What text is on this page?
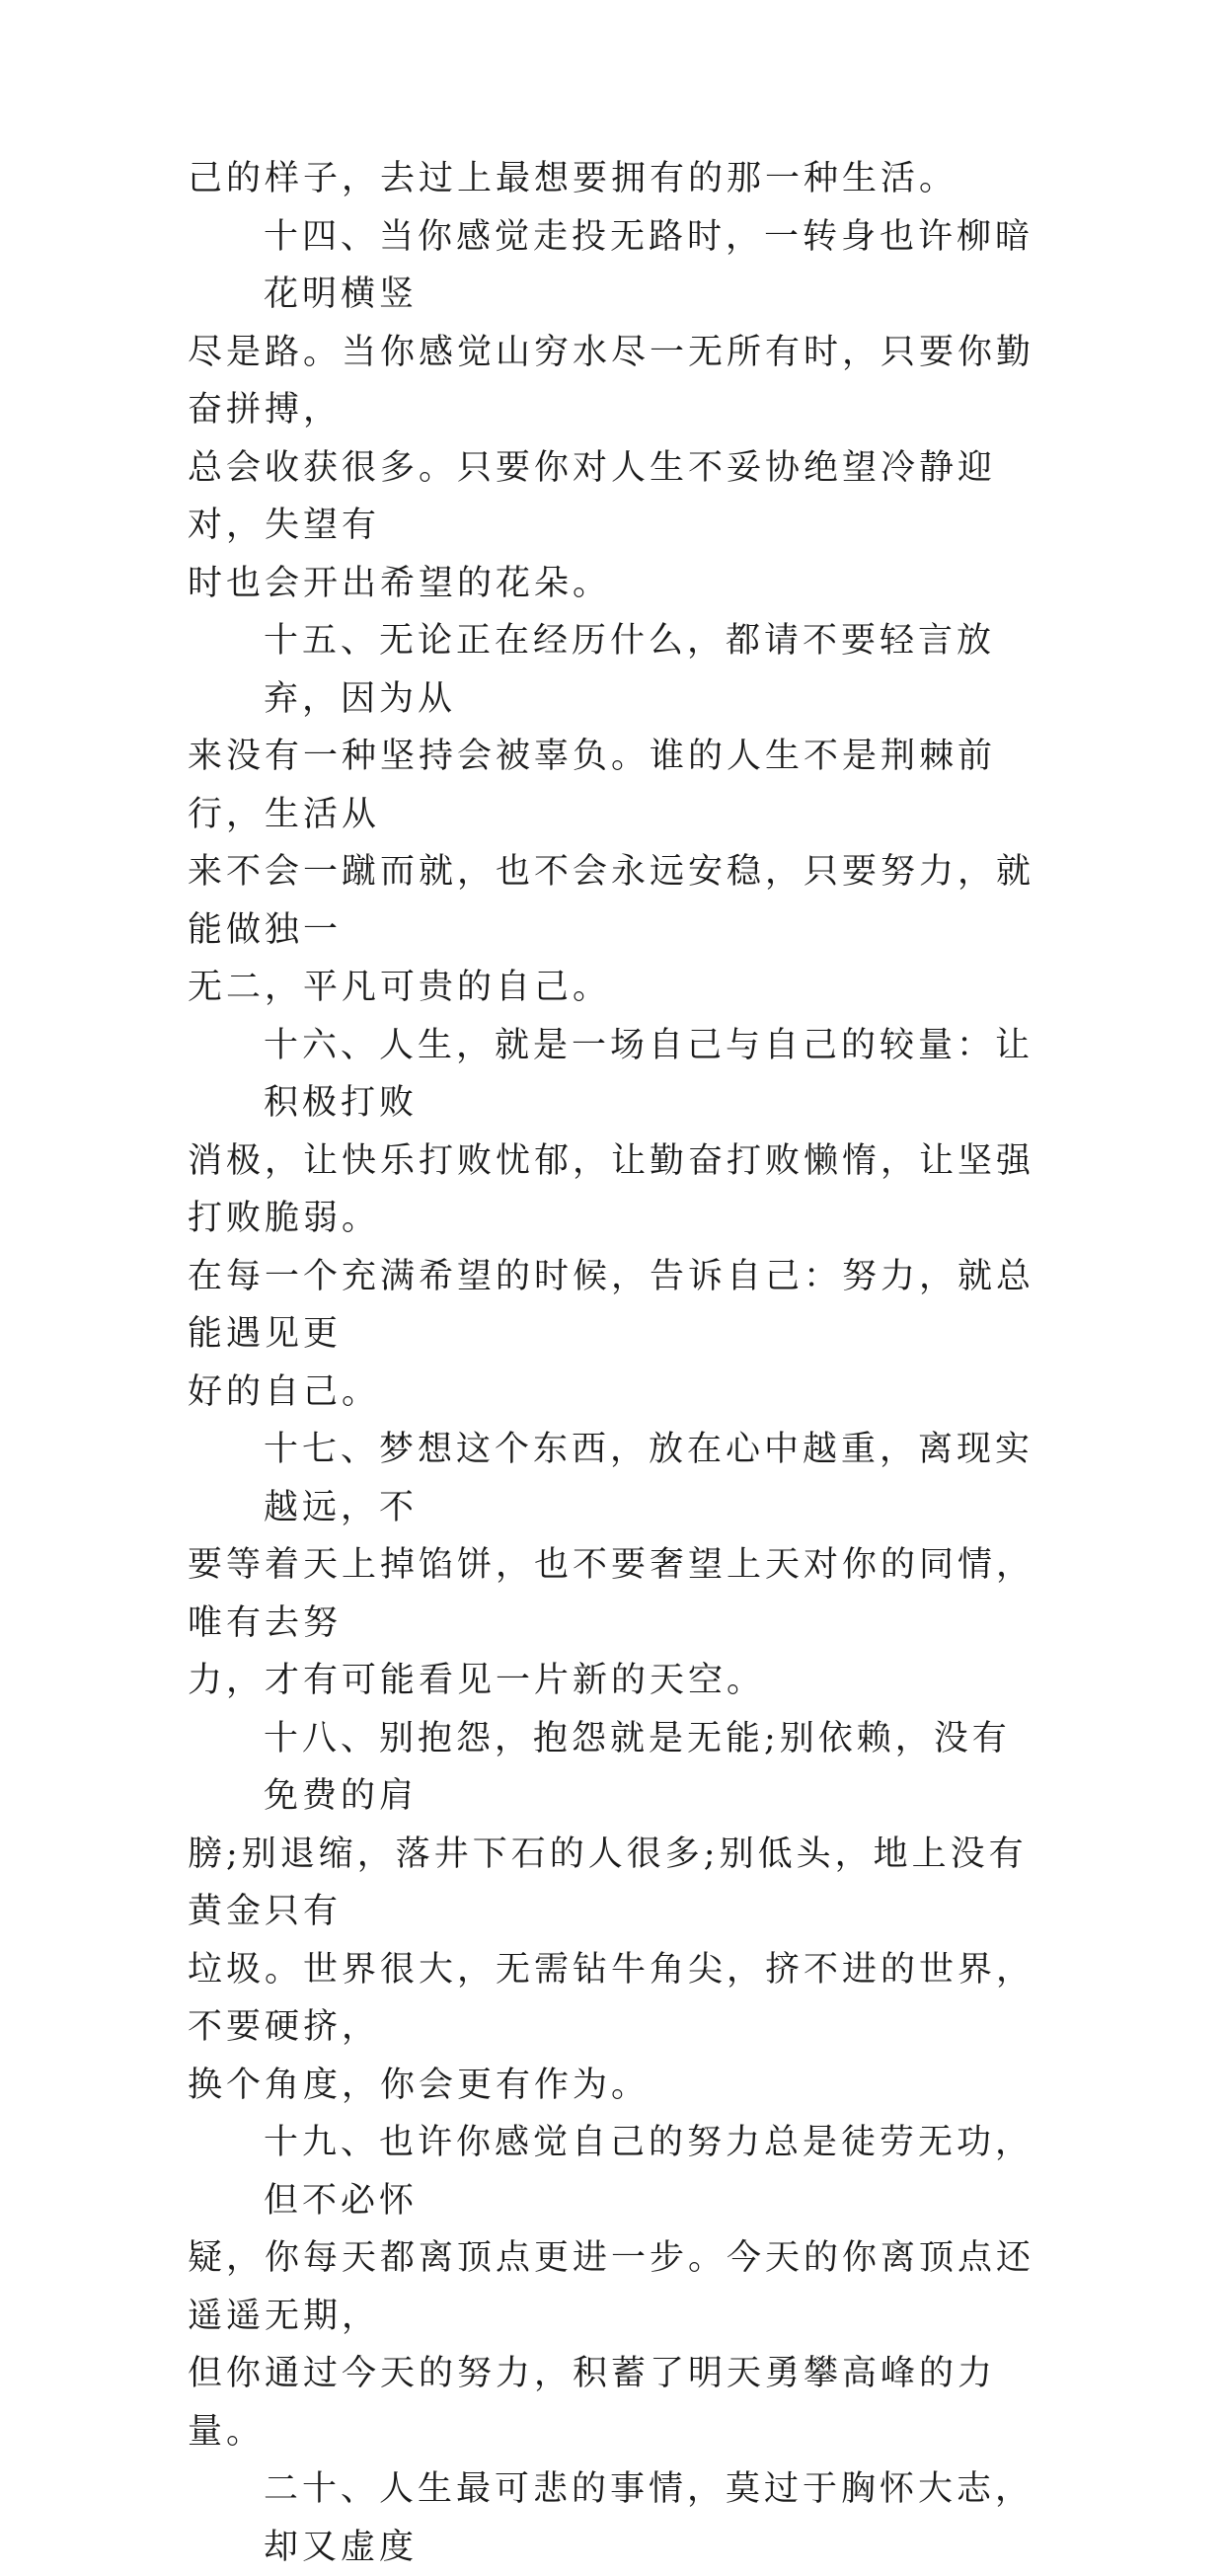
己的样子，去过上最想要拥有的那一种生活。
十四、当你感觉走投无路时，一转身也许柳暗花明横竖
尽是路。当你感觉山穷水尽一无所有时，只要你勤奋拼搏，
总会收获很多。只要你对人生不妥协绝望冷静迎对，失望有
时也会开出希望的花朵。
十五、无论正在经历什么，都请不要轻言放弃，因为从
来没有一种坚持会被辜负。谁的人生不是荆棘前行，生活从
来不会一蹴而就，也不会永远安稳，只要努力，就能做独一
无二，平凡可贵的自己。
十六、人生，就是一场自己与自己的较量：让积极打败
消极，让快乐打败忧郁，让勤奋打败懒惰，让坚强打败脆弱。
在每一个充满希望的时候，告诉自己：努力，就总能遇见更
好的自己。
十七、梦想这个东西，放在心中越重，离现实越远，不
要等着天上掉馅饼，也不要奢望上天对你的同情，唯有去努
力，才有可能看见一片新的天空。
十八、别抱怨，抱怨就是无能;别依赖，没有免费的肩
膀;别退缩，落井下石的人很多;别低头，地上没有黄金只有
垃圾。世界很大，无需钻牛角尖，挤不进的世界，不要硬挤，
换个角度，你会更有作为。
十九、也许你感觉自己的努力总是徒劳无功，但不必怀
疑，你每天都离顶点更进一步。今天的你离顶点还遥遥无期，
但你通过今天的努力，积蓄了明天勇攀高峰的力量。
二十、人生最可悲的事情，莫过于胸怀大志，却又虚度
